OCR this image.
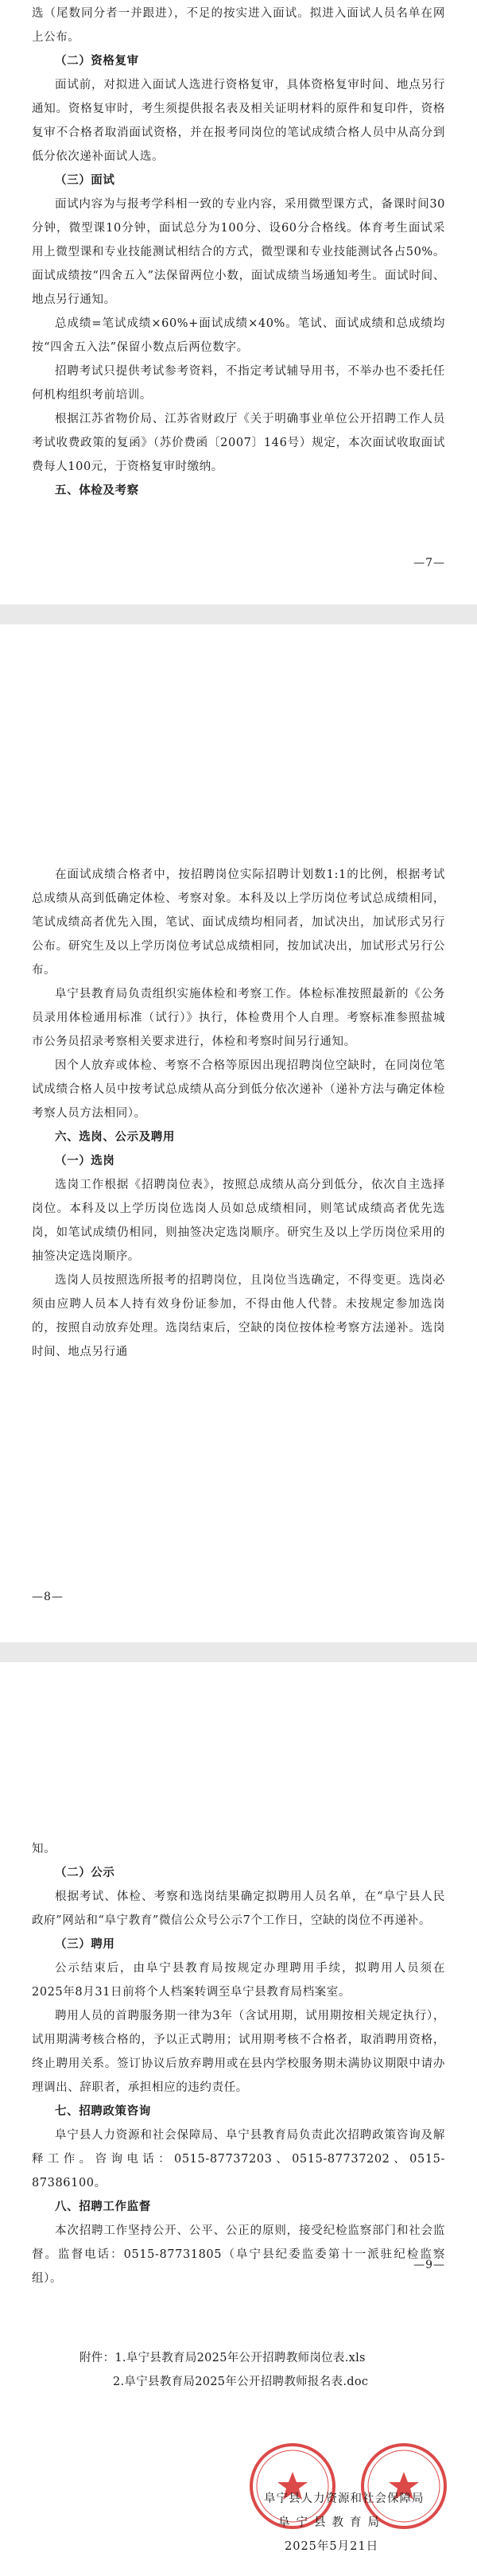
选（尾数同分者一并跟进），不足的按实进入面试。拟进入面试人员名单在网上公布。

（二）资格复审

面试前，对拟进入面试人选进行资格复审，具体资格复审时间、地点另行通知。资格复审时，考生须提供报名表及相关证明材料的原件和复印件，资格复审不合格者取消面试资格，并在报考同岗位的笔试成绩合格人员中从高分到低分依次递补面试人选。

（三）面试

面试内容为与报考学科相一致的专业内容，采用微型课方式，备课时间30分钟，微型课10分钟，面试总分为100分、设60分合格线。体育考生面试采用上微型课和专业技能测试相结合的方式，微型课和专业技能测试各占50%。面试成绩按“四舍五入”法保留两位小数，面试成绩当场通知考生。面试时间、地点另行通知。

总成绩=笔试成绩×60%+面试成绩×40%。笔试、面试成绩和总成绩均按“四舍五入法”保留小数点后两位数字。

招聘考试只提供考试参考资料，不指定考试辅导用书，不举办也不委托任何机构组织考前培训。

根据江苏省物价局、江苏省财政厅《关于明确事业单位公开招聘工作人员考试收费政策的复函》（苏价费函〔2007〕146号）规定，本次面试收取面试费每人100元，于资格复审时缴纳。

五、体检及考察

—7—

在面试成绩合格者中，按招聘岗位实际招聘计划数1:1的比例，根据考试总成绩从高到低确定体检、考察对象。本科及以上学历岗位考试总成绩相同，笔试成绩高者优先入围，笔试、面试成绩均相同者，加试决出，加试形式另行公布。研究生及以上学历岗位考试总成绩相同，按加试决出，加试形式另行公布。

阜宁县教育局负责组织实施体检和考察工作。体检标准按照最新的《公务员录用体检通用标准（试行）》执行，体检费用个人自理。考察标准参照盐城市公务员招录考察相关要求进行，体检和考察时间另行通知。

因个人放弃或体检、考察不合格等原因出现招聘岗位空缺时，在同岗位笔试成绩合格人员中按考试总成绩从高分到低分依次递补（递补方法与确定体检考察人员方法相同）。

六、选岗、公示及聘用

（一）选岗

选岗工作根据《招聘岗位表》，按照总成绩从高分到低分，依次自主选择岗位。本科及以上学历岗位选岗人员如总成绩相同，则笔试成绩高者优先选岗，如笔试成绩仍相同，则抽签决定选岗顺序。研究生及以上学历岗位采用的抽签决定选岗顺序。

选岗人员按照选所报考的招聘岗位，且岗位当选确定，不得变更。选岗必须由应聘人员本人持有效身份证参加，不得由他人代替。未按规定参加选岗的，按照自动放弃处理。选岗结束后，空缺的岗位按体检考察方法递补。选岗时间、地点另行通

—8—

知。

（二）公示

根据考试、体检、考察和选岗结果确定拟聘用人员名单，在“阜宁县人民政府”网站和“阜宁教育”微信公众号公示7个工作日，空缺的岗位不再递补。

（三）聘用

公示结束后，由阜宁县教育局按规定办理聘用手续，拟聘用人员须在2025年8月31日前将个人档案转调至阜宁县教育局档案室。

聘用人员的首聘服务期一律为3年（含试用期，试用期按相关规定执行），试用期满考核合格的，予以正式聘用；试用期考核不合格者，取消聘用资格，终止聘用关系。签订协议后放弃聘用或在县内学校服务期未满协议期限中请办理调出、辞职者，承担相应的违约责任。

七、招聘政策咨询

阜宁县人力资源和社会保障局、阜宁县教育局负责此次招聘政策咨询及解释工作。咨询电话：0515-87737203、0515-87737202、0515-87386100。

八、招聘工作监督

本次招聘工作坚持公开、公平、公正的原则，接受纪检监察部门和社会监督。监督电话：0515-87731805（阜宁县纪委监委第十一派驻纪检监察组）。

—9—
附件：1.阜宁县教育局2025年公开招聘教师岗位表.xls
2.阜宁县教育局2025年公开招聘教师报名表.doc
阜宁县人力资源和社会保障局
阜宁县教育局
2025年5月21日
